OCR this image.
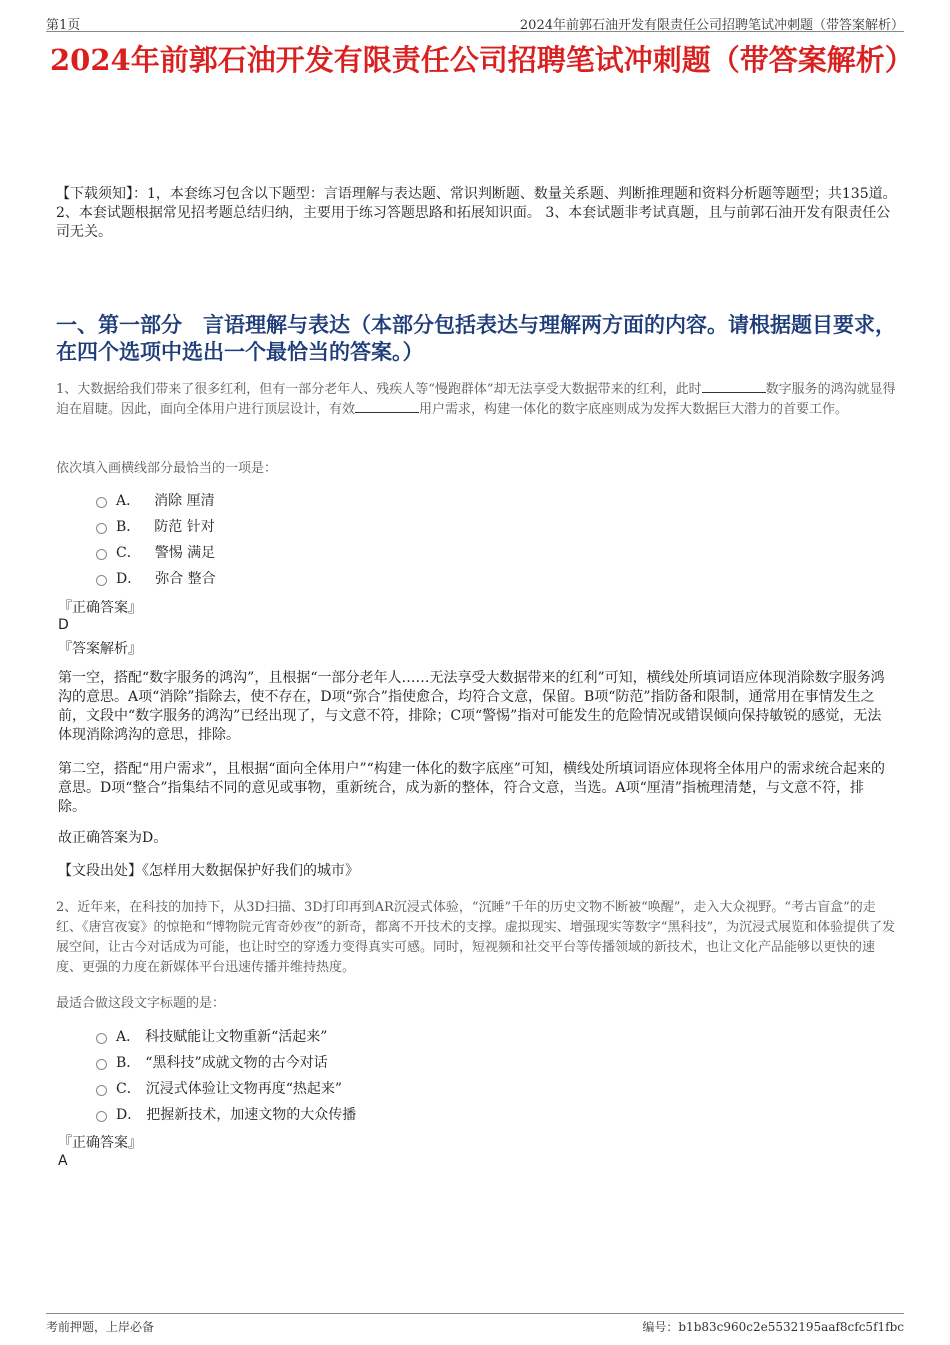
第1页	2024年前郭石油开发有限责任公司招聘笔试冲刺题（带答案解析）
2024年前郭石油开发有限责任公司招聘笔试冲刺题（带答案解析）

【下载须知】：1，本套练习包含以下题型：言语理解与表达题、常识判断题、数量关系题、判断推理题和资料分析题等题型；共135道。 2、本套试题根据常见招考题总结归纳，主要用于练习答题思路和拓展知识面。 3、本套试题非考试真题，且与前郭石油开发有限责任公司无关。

一、第一部分　言语理解与表达（本部分包括表达与理解两方面的内容。请根据题目要求，在四个选项中选出一个最恰当的答案。）

1、大数据给我们带来了很多红利，但有一部分老年人、残疾人等“慢跑群体”却无法享受大数据带来的红利，此时	数字服务的鸿沟就显得迫在眉睫。因此，面向全体用户进行顶层设计，有效	用户需求，构建一体化的数字底座则成为发挥大数据巨大潜力的首要工作。

依次填入画横线部分最恰当的一项是：

A． 消除 厘清
B． 防范 针对
C． 警惕 满足
D． 弥合 整合

『正确答案』

D

『答案解析』

第一空，搭配“数字服务的鸿沟”，且根据“一部分老年人……无法享受大数据带来的红利”可知，横线处所填词语应体现消除数字服务鸿沟的意思。A项“消除”指除去，使不存在，D项“弥合”指使愈合，均符合文意，保留。B项“防范”指防备和限制，通常用在事情发生之前，文段中“数字服务的鸿沟”已经出现了，与文意不符，排除；C项“警惕”指对可能发生的危险情况或错误倾向保持敏锐的感觉，无法体现消除鸿沟的意思，排除。

第二空，搭配“用户需求”，且根据“面向全体用户”“构建一体化的数字底座”可知，横线处所填词语应体现将全体用户的需求统合起来的意思。D项“整合”指集结不同的意见或事物，重新统合，成为新的整体，符合文意，当选。A项“厘清”指梳理清楚，与文意不符，排除。

故正确答案为D。

【文段出处】《怎样用大数据保护好我们的城市》

2、近年来，在科技的加持下，从3D扫描、3D打印再到AR沉浸式体验，“沉睡”千年的历史文物不断被“唤醒”，走入大众视野。“考古盲盒”的走红、《唐宫夜宴》的惊艳和“博物院元宵奇妙夜”的新奇，都离不开技术的支撑。虚拟现实、增强现实等数字“黑科技”，为沉浸式展览和体验提供了发展空间，让古今对话成为可能，也让时空的穿透力变得真实可感。同时，短视频和社交平台等传播领域的新技术，也让文化产品能够以更快的速度、更强的力度在新媒体平台迅速传播并维持热度。

最适合做这段文字标题的是：

A． 科技赋能让文物重新“活起来”
B． “黑科技”成就文物的古今对话
C． 沉浸式体验让文物再度“热起来”
D． 把握新技术，加速文物的大众传播

『正确答案』

A

考前押题，上岸必备	编号：b1b83c960c2e5532195aaf8cfc5f1fbc
